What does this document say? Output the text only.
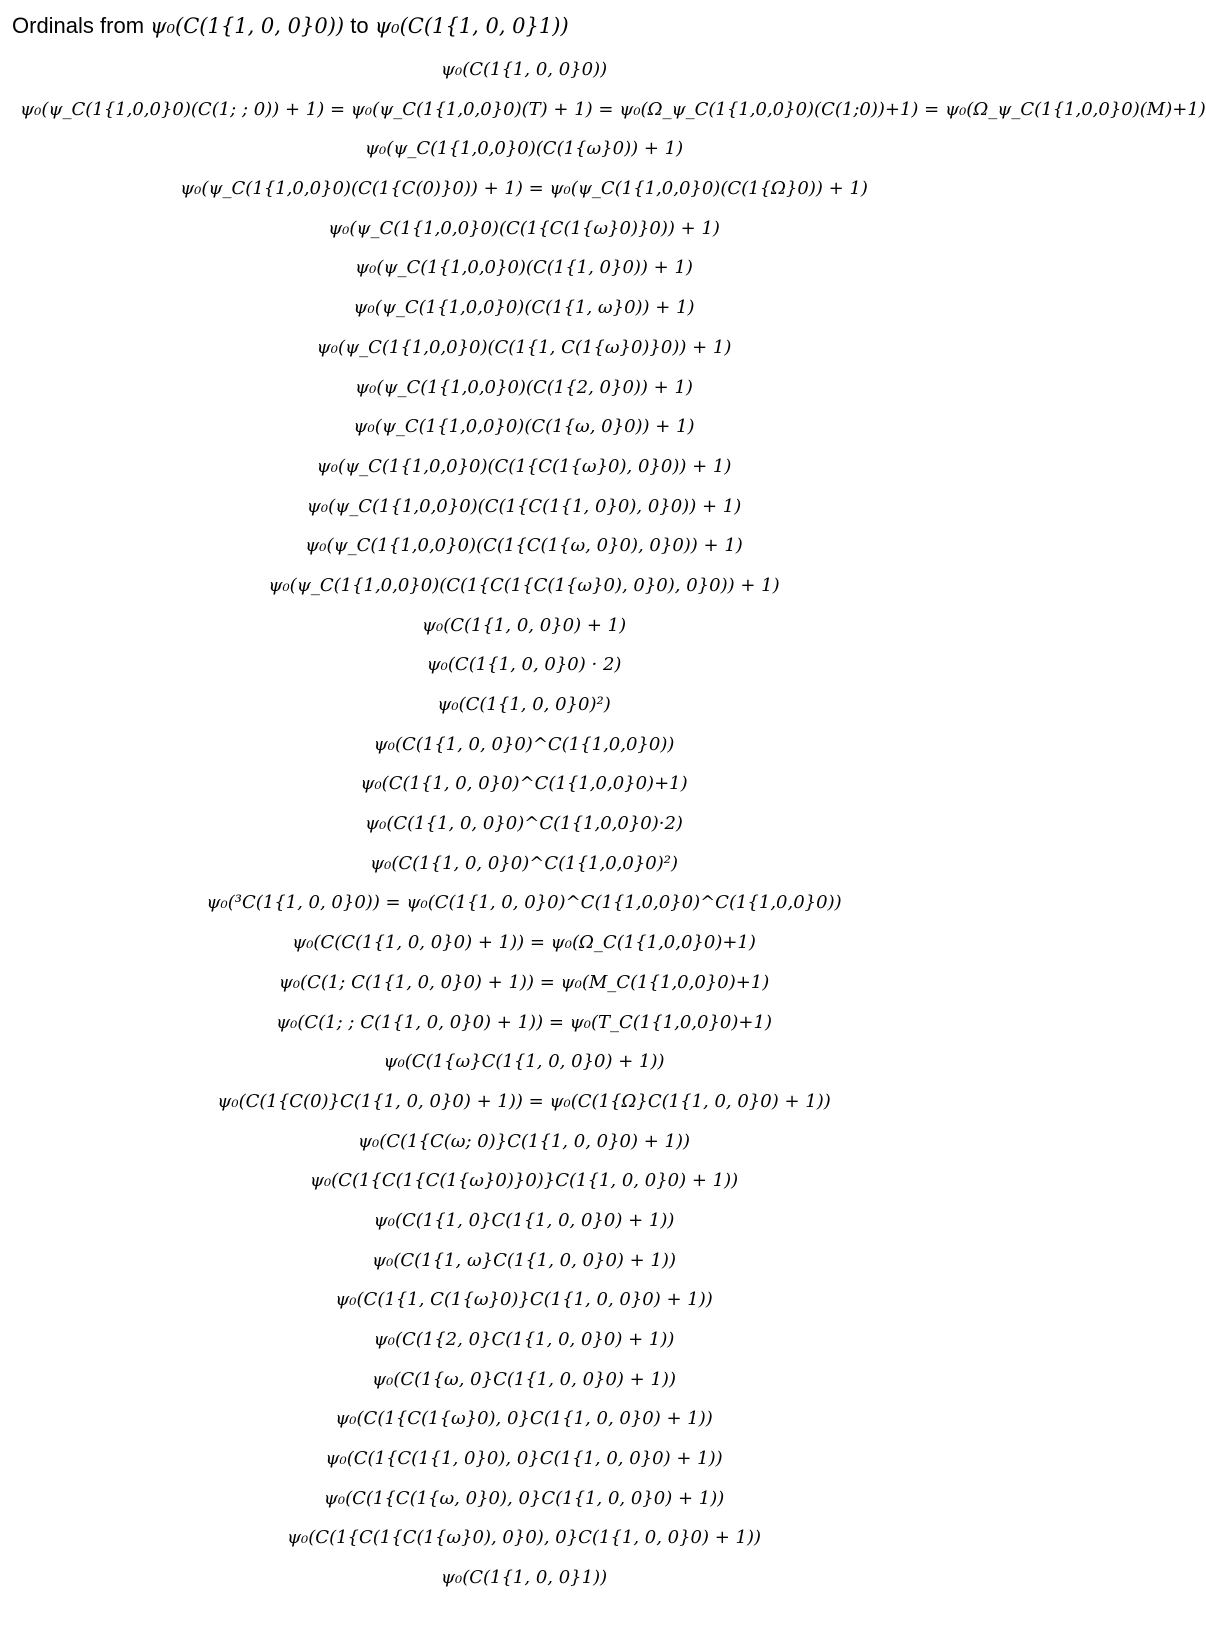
Ordinals from ψ₀(C(1{1, 0, 0}0)) to ψ₀(C(1{1, 0, 0}1))
ψ₀(C(1{1, 0, 0}0))
ψ₀(ψ_C(1{1,0,0}0)(C(1; ; 0)) + 1) = ψ₀(ψ_C(1{1,0,0}0)(T) + 1) = ψ₀(Ω_ψ_C(1{1,0,0}0)(C(1;0))+1) = ψ₀(Ω_ψ_C(1{1,0,0}0)(M)+1)
ψ₀(ψ_C(1{1,0,0}0)(C(1{ω}0)) + 1)
ψ₀(ψ_C(1{1,0,0}0)(C(1{C(0)}0)) + 1) = ψ₀(ψ_C(1{1,0,0}0)(C(1{Ω}0)) + 1)
ψ₀(ψ_C(1{1,0,0}0)(C(1{C(1{ω}0)}0)) + 1)
ψ₀(ψ_C(1{1,0,0}0)(C(1{1, 0}0)) + 1)
ψ₀(ψ_C(1{1,0,0}0)(C(1{1, ω}0)) + 1)
ψ₀(ψ_C(1{1,0,0}0)(C(1{1, C(1{ω}0)}0)) + 1)
ψ₀(ψ_C(1{1,0,0}0)(C(1{2, 0}0)) + 1)
ψ₀(ψ_C(1{1,0,0}0)(C(1{ω, 0}0)) + 1)
ψ₀(ψ_C(1{1,0,0}0)(C(1{C(1{ω}0), 0}0)) + 1)
ψ₀(ψ_C(1{1,0,0}0)(C(1{C(1{1, 0}0), 0}0)) + 1)
ψ₀(ψ_C(1{1,0,0}0)(C(1{C(1{ω, 0}0), 0}0)) + 1)
ψ₀(ψ_C(1{1,0,0}0)(C(1{C(1{C(1{ω}0), 0}0), 0}0)) + 1)
ψ₀(C(1{1, 0, 0}0) + 1)
ψ₀(C(1{1, 0, 0}0) · 2)
ψ₀(C(1{1, 0, 0}0)²)
ψ₀(C(1{1, 0, 0}0)^C(1{1,0,0}0))
ψ₀(C(1{1, 0, 0}0)^C(1{1,0,0}0)+1)
ψ₀(C(1{1, 0, 0}0)^C(1{1,0,0}0)·2)
ψ₀(C(1{1, 0, 0}0)^C(1{1,0,0}0)²)
ψ₀(³C(1{1, 0, 0}0)) = ψ₀(C(1{1, 0, 0}0)^C(1{1,0,0}0)^C(1{1,0,0}0))
ψ₀(C(C(1{1, 0, 0}0) + 1)) = ψ₀(Ω_C(1{1,0,0}0)+1)
ψ₀(C(1; C(1{1, 0, 0}0) + 1)) = ψ₀(M_C(1{1,0,0}0)+1)
ψ₀(C(1; ; C(1{1, 0, 0}0) + 1)) = ψ₀(T_C(1{1,0,0}0)+1)
ψ₀(C(1{ω}C(1{1, 0, 0}0) + 1))
ψ₀(C(1{C(0)}C(1{1, 0, 0}0) + 1)) = ψ₀(C(1{Ω}C(1{1, 0, 0}0) + 1))
ψ₀(C(1{C(ω; 0)}C(1{1, 0, 0}0) + 1))
ψ₀(C(1{C(1{C(1{ω}0)}0)}C(1{1, 0, 0}0) + 1))
ψ₀(C(1{1, 0}C(1{1, 0, 0}0) + 1))
ψ₀(C(1{1, ω}C(1{1, 0, 0}0) + 1))
ψ₀(C(1{1, C(1{ω}0)}C(1{1, 0, 0}0) + 1))
ψ₀(C(1{2, 0}C(1{1, 0, 0}0) + 1))
ψ₀(C(1{ω, 0}C(1{1, 0, 0}0) + 1))
ψ₀(C(1{C(1{ω}0), 0}C(1{1, 0, 0}0) + 1))
ψ₀(C(1{C(1{1, 0}0), 0}C(1{1, 0, 0}0) + 1))
ψ₀(C(1{C(1{ω, 0}0), 0}C(1{1, 0, 0}0) + 1))
ψ₀(C(1{C(1{C(1{ω}0), 0}0), 0}C(1{1, 0, 0}0) + 1))
ψ₀(C(1{1, 0, 0}1))
